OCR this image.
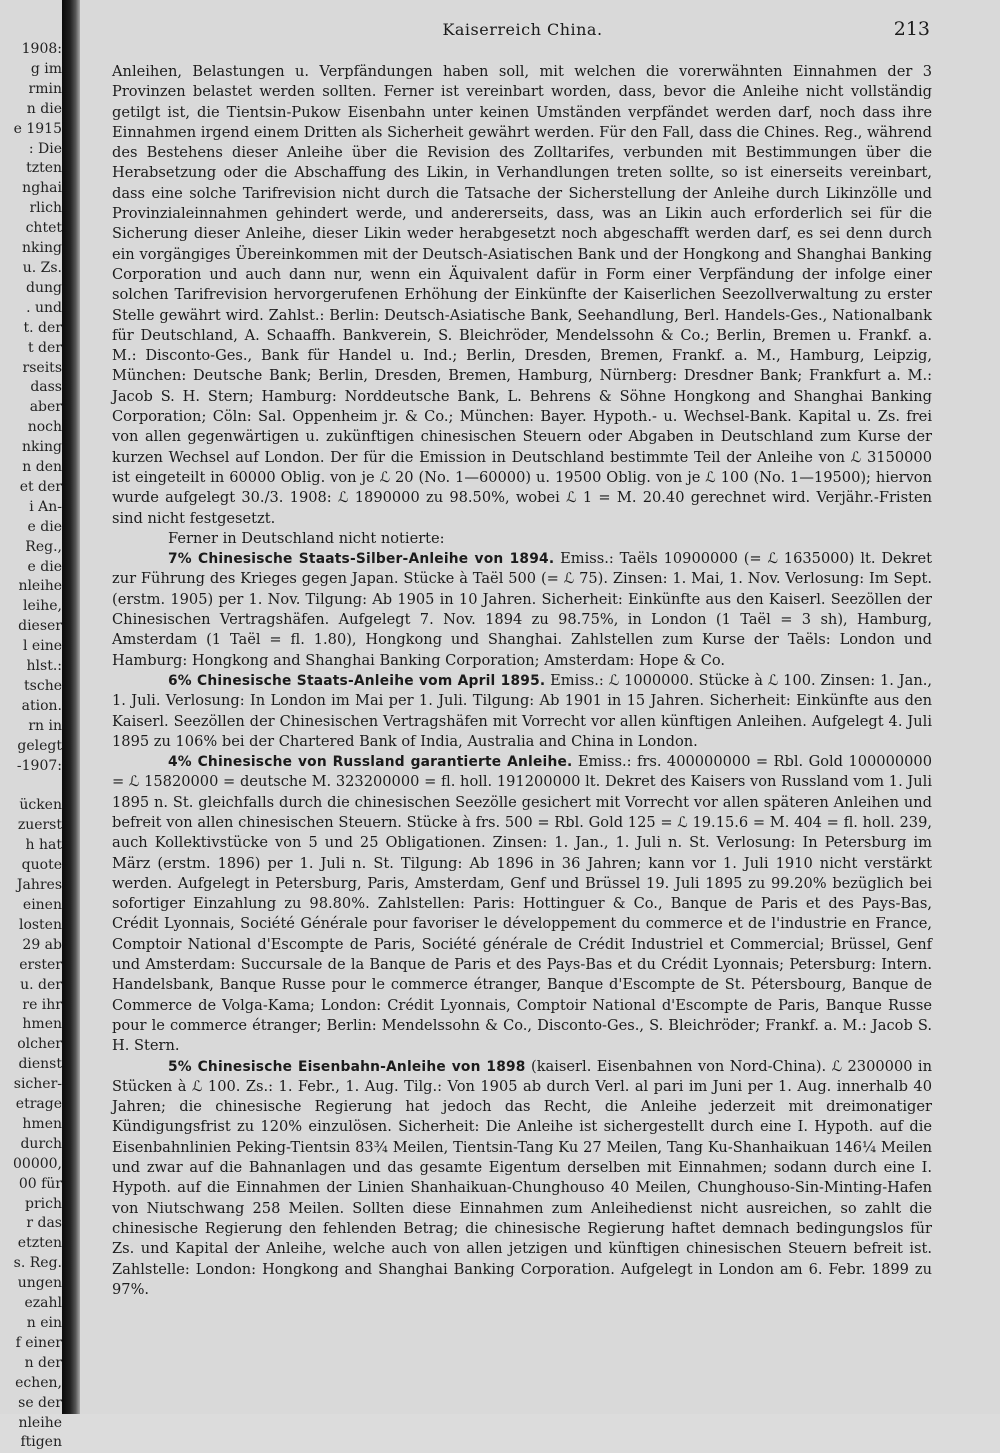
1908:
g im
rmin
n die
e 1915
: Die
tzten
nghai
rlich
chtet
nking
u. Zs.
dung
. und
t. der
t der
rseits
dass
aber
noch
nking
n den
et der
i An-
e die
Reg.,
e die
nleihe
leihe,
dieser
l eine
hlst.:
tsche
ation.
rn in
gelegt
-1907:

ücken
zuerst
h hat
quote
Jahres
einen
losten
29 ab
erster
u. der
re ihr
hmen
olcher
dienst
sicher-
etrage
hmen
durch
00000,
00 für
prich
r das
etzten
s. Reg.
ungen
ezahl
n ein
f einer
n der
echen,
se der
nleihe
ftigen
Kaiserreich China.	213

Anleihen, Belastungen u. Verpfändungen haben soll, mit welchen die vorerwähnten Einnahmen der 3 Provinzen belastet werden sollten. Ferner ist vereinbart worden, dass, bevor die Anleihe nicht vollständig getilgt ist, die Tientsin-Pukow Eisenbahn unter keinen Umständen verpfändet werden darf, noch dass ihre Einnahmen irgend einem Dritten als Sicherheit gewährt werden. Für den Fall, dass die Chines. Reg., während des Bestehens dieser Anleihe über die Revision des Zolltarifes, verbunden mit Bestimmungen über die Herabsetzung oder die Abschaffung des Likin, in Verhandlungen treten sollte, so ist einerseits vereinbart, dass eine solche Tarifrevision nicht durch die Tatsache der Sicherstellung der Anleihe durch Likinzölle und Provinzialeinnahmen gehindert werde, und andererseits, dass, was an Likin auch erforderlich sei für die Sicherung dieser Anleihe, dieser Likin weder herabgesetzt noch abgeschafft werden darf, es sei denn durch ein vorgängiges Übereinkommen mit der Deutsch-Asiatischen Bank und der Hongkong and Shanghai Banking Corporation und auch dann nur, wenn ein Äquivalent dafür in Form einer Verpfändung der infolge einer solchen Tarifrevision hervorgerufenen Erhöhung der Einkünfte der Kaiserlichen Seezollverwaltung zu erster Stelle gewährt wird. Zahlst.: Berlin: Deutsch-Asiatische Bank, Seehandlung, Berl. Handels-Ges., Nationalbank für Deutschland, A. Schaaffh. Bankverein, S. Bleichröder, Mendelssohn & Co.; Berlin, Bremen u. Frankf. a. M.: Disconto-Ges., Bank für Handel u. Ind.; Berlin, Dresden, Bremen, Frankf. a. M., Hamburg, Leipzig, München: Deutsche Bank; Berlin, Dresden, Bremen, Hamburg, Nürnberg: Dresdner Bank; Frankfurt a. M.: Jacob S. H. Stern; Hamburg: Norddeutsche Bank, L. Behrens & Söhne Hongkong and Shanghai Banking Corporation; Cöln: Sal. Oppenheim jr. & Co.; München: Bayer. Hypoth.- u. Wechsel-Bank. Kapital u. Zs. frei von allen gegenwärtigen u. zukünftigen chinesischen Steuern oder Abgaben in Deutschland zum Kurse der kurzen Wechsel auf London. Der für die Emission in Deutschland bestimmte Teil der Anleihe von ℒ 3150000 ist eingeteilt in 60000 Oblig. von je ℒ 20 (No. 1—60000) u. 19500 Oblig. von je ℒ 100 (No. 1—19500); hiervon wurde aufgelegt 30./3. 1908: ℒ 1890000 zu 98.50%, wobei ℒ 1 = M. 20.40 gerechnet wird. Verjähr.-Fristen sind nicht festgesetzt.

Ferner in Deutschland nicht notierte:

7% Chinesische Staats-Silber-Anleihe von 1894. Emiss.: Taëls 10900000 (= ℒ 1635000) lt. Dekret zur Führung des Krieges gegen Japan. Stücke à Taël 500 (= ℒ 75). Zinsen: 1. Mai, 1. Nov. Verlosung: Im Sept. (erstm. 1905) per 1. Nov. Tilgung: Ab 1905 in 10 Jahren. Sicherheit: Einkünfte aus den Kaiserl. Seezöllen der Chinesischen Vertragshäfen. Aufgelegt 7. Nov. 1894 zu 98.75%, in London (1 Taël = 3 sh), Hamburg, Amsterdam (1 Taël = fl. 1.80), Hongkong und Shanghai. Zahlstellen zum Kurse der Taëls: London und Hamburg: Hongkong and Shanghai Banking Corporation; Amsterdam: Hope & Co.

6% Chinesische Staats-Anleihe vom April 1895. Emiss.: ℒ 1000000. Stücke à ℒ 100. Zinsen: 1. Jan., 1. Juli. Verlosung: In London im Mai per 1. Juli. Tilgung: Ab 1901 in 15 Jahren. Sicherheit: Einkünfte aus den Kaiserl. Seezöllen der Chinesischen Vertragshäfen mit Vorrecht vor allen künftigen Anleihen. Aufgelegt 4. Juli 1895 zu 106% bei der Chartered Bank of India, Australia and China in London.

4% Chinesische von Russland garantierte Anleihe. Emiss.: frs. 400000000 = Rbl. Gold 100000000 = ℒ 15820000 = deutsche M. 323200000 = fl. holl. 191200000 lt. Dekret des Kaisers von Russland vom 1. Juli 1895 n. St. gleichfalls durch die chinesischen Seezölle gesichert mit Vorrecht vor allen späteren Anleihen und befreit von allen chinesischen Steuern. Stücke à frs. 500 = Rbl. Gold 125 = ℒ 19.15.6 = M. 404 = fl. holl. 239, auch Kollektivstücke von 5 und 25 Obligationen. Zinsen: 1. Jan., 1. Juli n. St. Verlosung: In Petersburg im März (erstm. 1896) per 1. Juli n. St. Tilgung: Ab 1896 in 36 Jahren; kann vor 1. Juli 1910 nicht verstärkt werden. Aufgelegt in Petersburg, Paris, Amsterdam, Genf und Brüssel 19. Juli 1895 zu 99.20% bezüglich bei sofortiger Einzahlung zu 98.80%. Zahlstellen: Paris: Hottinguer & Co., Banque de Paris et des Pays-Bas, Crédit Lyonnais, Société Générale pour favoriser le développement du commerce et de l'industrie en France, Comptoir National d'Escompte de Paris, Société générale de Crédit Industriel et Commercial; Brüssel, Genf und Amsterdam: Succursale de la Banque de Paris et des Pays-Bas et du Crédit Lyonnais; Petersburg: Intern. Handelsbank, Banque Russe pour le commerce étranger, Banque d'Escompte de St. Pétersbourg, Banque de Commerce de Volga-Kama; London: Crédit Lyonnais, Comptoir National d'Escompte de Paris, Banque Russe pour le commerce étranger; Berlin: Mendelssohn & Co., Disconto-Ges., S. Bleichröder; Frankf. a. M.: Jacob S. H. Stern.

5% Chinesische Eisenbahn-Anleihe von 1898 (kaiserl. Eisenbahnen von Nord-China). ℒ 2300000 in Stücken à ℒ 100. Zs.: 1. Febr., 1. Aug. Tilg.: Von 1905 ab durch Verl. al pari im Juni per 1. Aug. innerhalb 40 Jahren; die chinesische Regierung hat jedoch das Recht, die Anleihe jederzeit mit dreimonatiger Kündigungsfrist zu 120% einzulösen. Sicherheit: Die Anleihe ist sichergestellt durch eine I. Hypoth. auf die Eisenbahnlinien Peking-Tientsin 83¾ Meilen, Tientsin-Tang Ku 27 Meilen, Tang Ku-Shanhaikuan 146¼ Meilen und zwar auf die Bahnanlagen und das gesamte Eigentum derselben mit Einnahmen; sodann durch eine I. Hypoth. auf die Einnahmen der Linien Shanhaikuan-Chunghouso 40 Meilen, Chunghouso-Sin-Minting-Hafen von Niutschwang 258 Meilen. Sollten diese Einnahmen zum Anleihedienst nicht ausreichen, so zahlt die chinesische Regierung den fehlenden Betrag; die chinesische Regierung haftet demnach bedingungslos für Zs. und Kapital der Anleihe, welche auch von allen jetzigen und künftigen chinesischen Steuern befreit ist. Zahlstelle: London: Hongkong and Shanghai Banking Corporation. Aufgelegt in London am 6. Febr. 1899 zu 97%.
